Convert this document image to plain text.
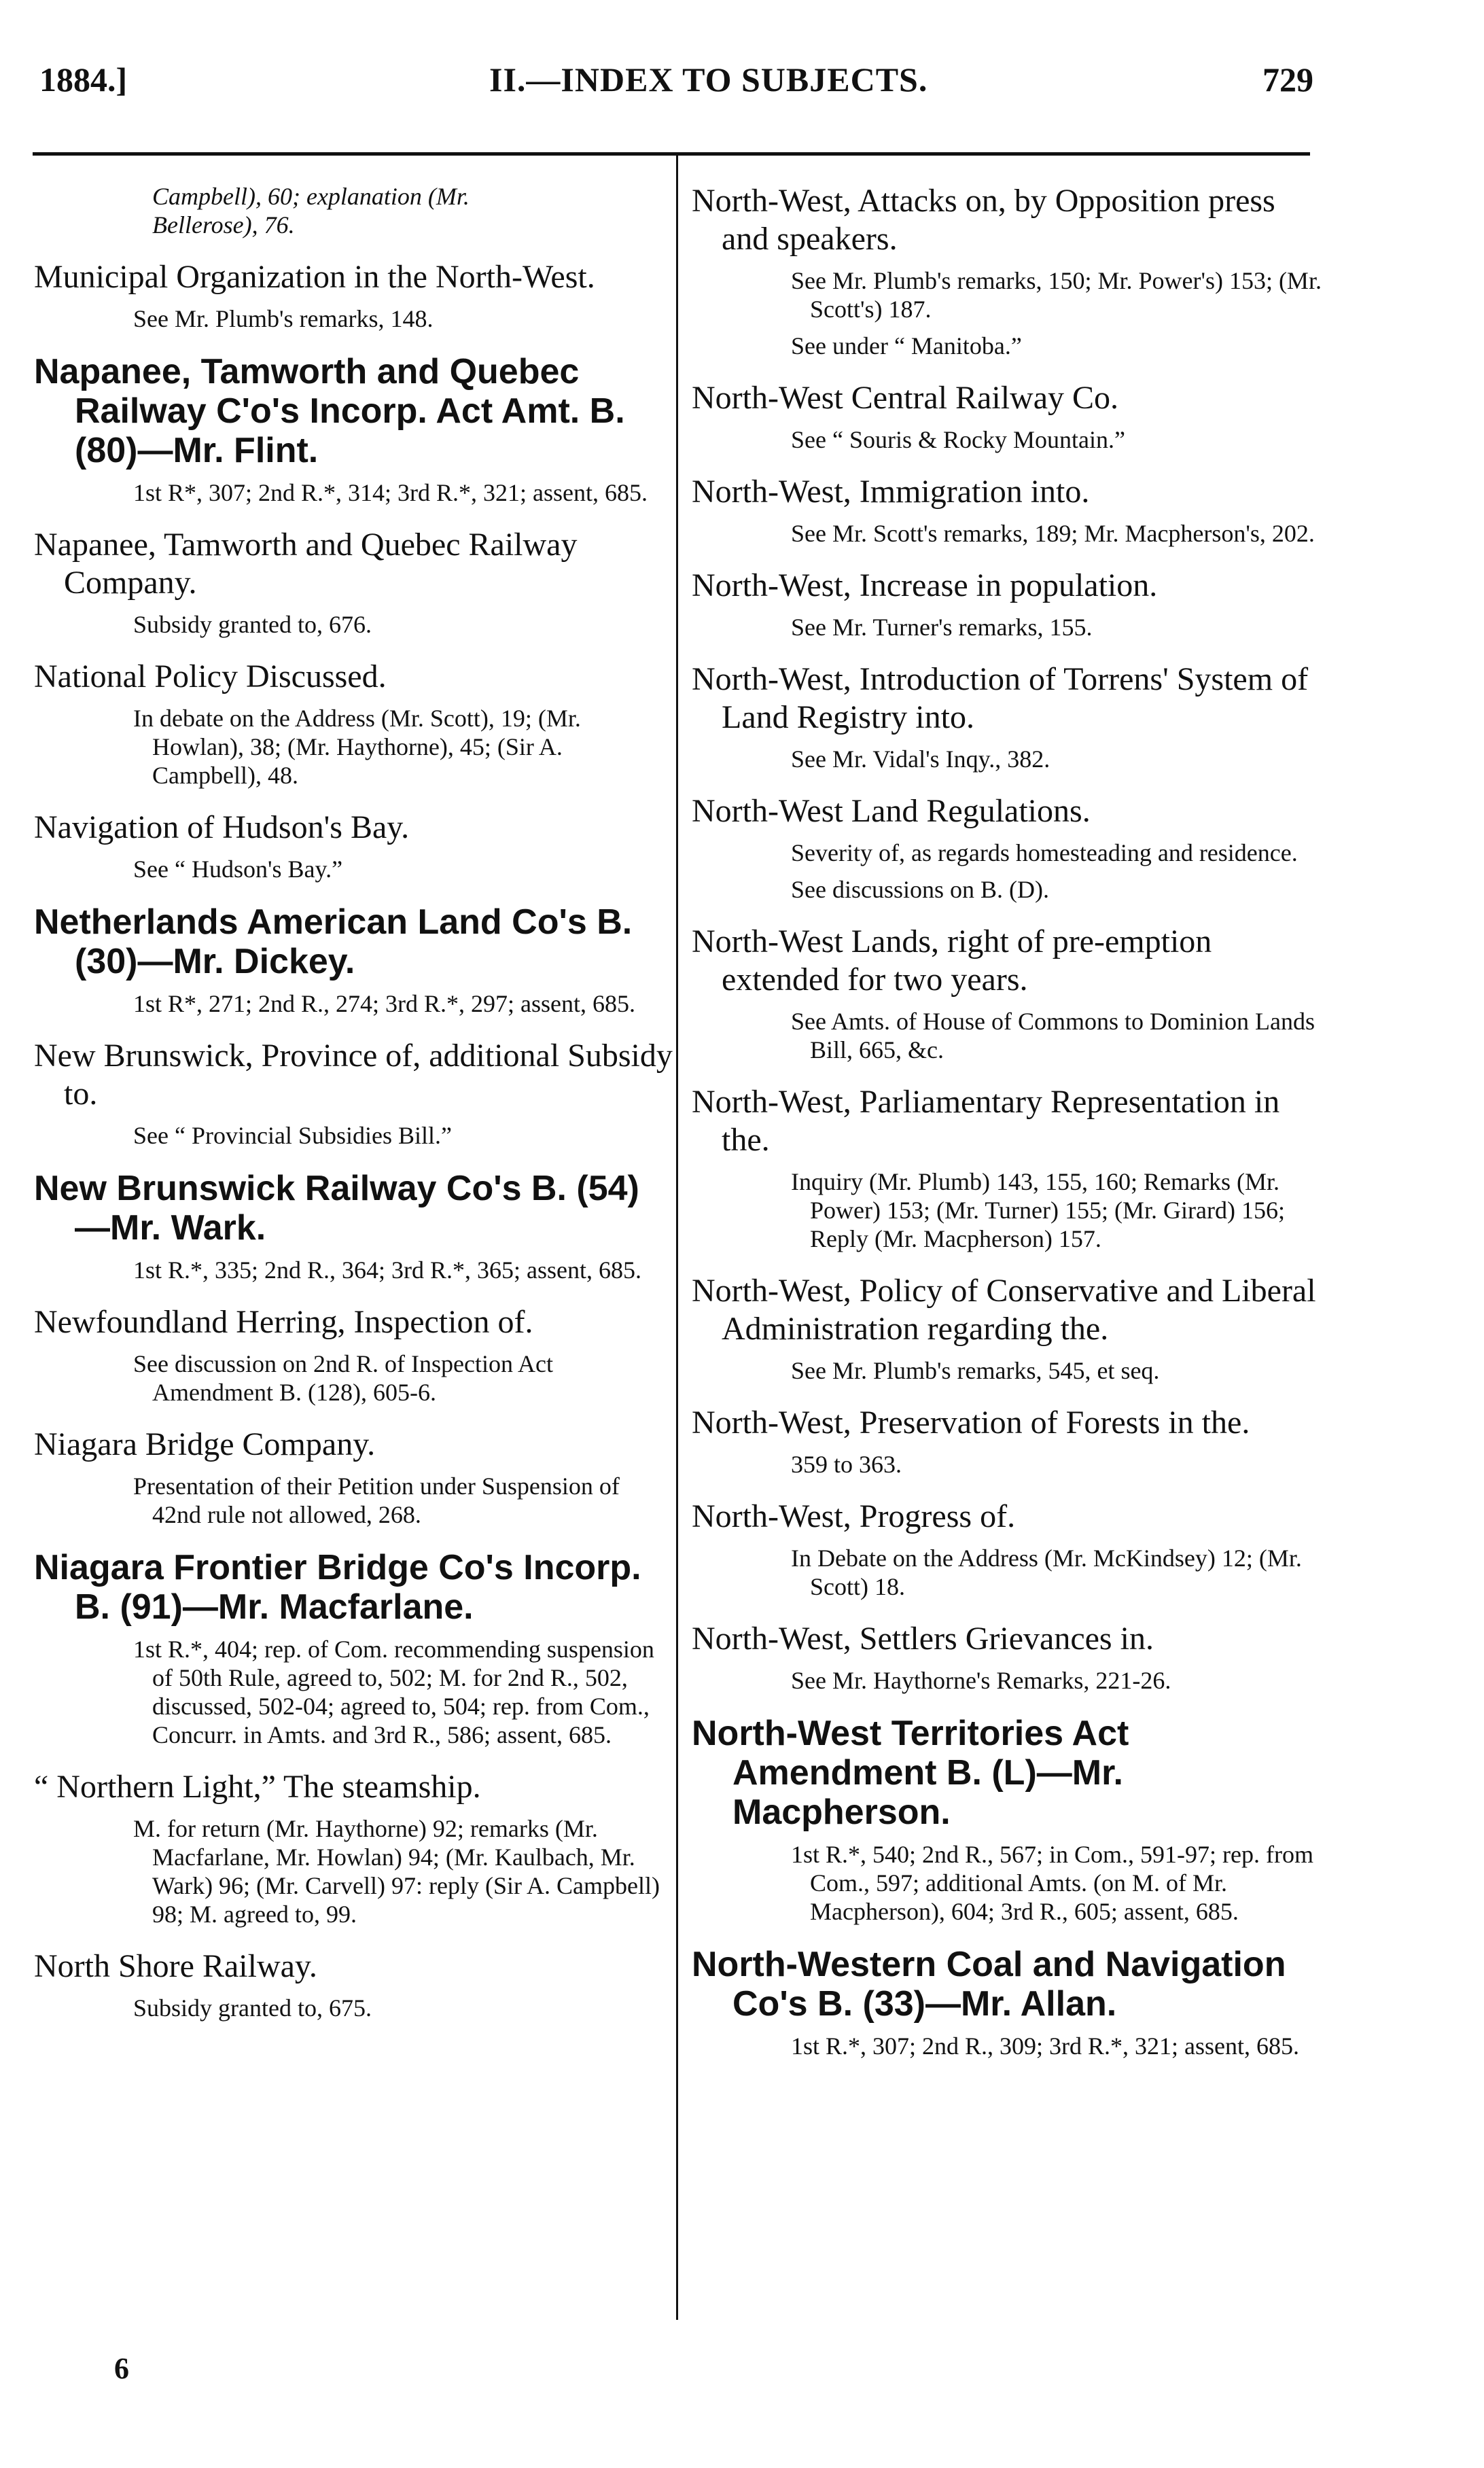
1884.]	II.—INDEX TO SUBJECTS.	729
Campbell), 60; explanation (Mr.
Bellerose), 76.
Municipal Organization in the North-West.
See Mr. Plumb's remarks, 148.
Napanee, Tamworth and Quebec Railway C'o's Incorp. Act Amt. B. (80)—Mr. Flint.
1st R*, 307; 2nd R.*, 314; 3rd R.*, 321; assent, 685.
Napanee, Tamworth and Quebec Railway Company.
Subsidy granted to, 676.
National Policy Discussed.
In debate on the Address (Mr. Scott), 19; (Mr. Howlan), 38; (Mr. Haythorne), 45; (Sir A. Campbell), 48.
Navigation of Hudson's Bay.
See “ Hudson's Bay.”
Netherlands American Land Co's B. (30)—Mr. Dickey.
1st R*, 271; 2nd R., 274; 3rd R.*, 297; assent, 685.
New Brunswick, Province of, additional Subsidy to.
See “ Provincial Subsidies Bill.”
New Brunswick Railway Co's B. (54)—Mr. Wark.
1st R.*, 335; 2nd R., 364; 3rd R.*, 365; assent, 685.
Newfoundland Herring, Inspection of.
See discussion on 2nd R. of Inspection Act Amendment B. (128), 605-6.
Niagara Bridge Company.
Presentation of their Petition under Suspension of 42nd rule not allowed, 268.
Niagara Frontier Bridge Co's Incorp. B. (91)—Mr. Macfarlane.
1st R.*, 404; rep. of Com. recommending suspension of 50th Rule, agreed to, 502; M. for 2nd R., 502, discussed, 502-04; agreed to, 504; rep. from Com., Concurr. in Amts. and 3rd R., 586; assent, 685.
“ Northern Light,” The steamship.
M. for return (Mr. Haythorne) 92; remarks (Mr. Macfarlane, Mr. Howlan) 94; (Mr. Kaulbach, Mr. Wark) 96; (Mr. Carvell) 97: reply (Sir A. Campbell) 98; M. agreed to, 99.
North Shore Railway.
Subsidy granted to, 675.
North-West, Attacks on, by Opposition press and speakers.
See Mr. Plumb's remarks, 150; Mr. Power's) 153; (Mr. Scott's) 187.
See under “ Manitoba.”
North-West Central Railway Co.
See “ Souris & Rocky Mountain.”
North-West, Immigration into.
See Mr. Scott's remarks, 189; Mr. Macpherson's, 202.
North-West, Increase in population.
See Mr. Turner's remarks, 155.
North-West, Introduction of Torrens' System of Land Registry into.
See Mr. Vidal's Inqy., 382.
North-West Land Regulations.
Severity of, as regards homesteading and residence.
See discussions on B. (D).
North-West Lands, right of pre-emption extended for two years.
See Amts. of House of Commons to Dominion Lands Bill, 665, &c.
North-West, Parliamentary Representation in the.
Inquiry (Mr. Plumb) 143, 155, 160; Remarks (Mr. Power) 153; (Mr. Turner) 155; (Mr. Girard) 156; Reply (Mr. Macpherson) 157.
North-West, Policy of Conservative and Liberal Administration regarding the.
See Mr. Plumb's remarks, 545, et seq.
North-West, Preservation of Forests in the.
359 to 363.
North-West, Progress of.
In Debate on the Address (Mr. McKindsey) 12; (Mr. Scott) 18.
North-West, Settlers Grievances in.
See Mr. Haythorne's Remarks, 221-26.
North-West Territories Act Amendment B. (L)—Mr. Macpherson.
1st R.*, 540; 2nd R., 567; in Com., 591-97; rep. from Com., 597; additional Amts. (on M. of Mr. Macpherson), 604; 3rd R., 605; assent, 685.
North-Western Coal and Navigation Co's B. (33)—Mr. Allan.
1st R.*, 307; 2nd R., 309; 3rd R.*, 321; assent, 685.
6
